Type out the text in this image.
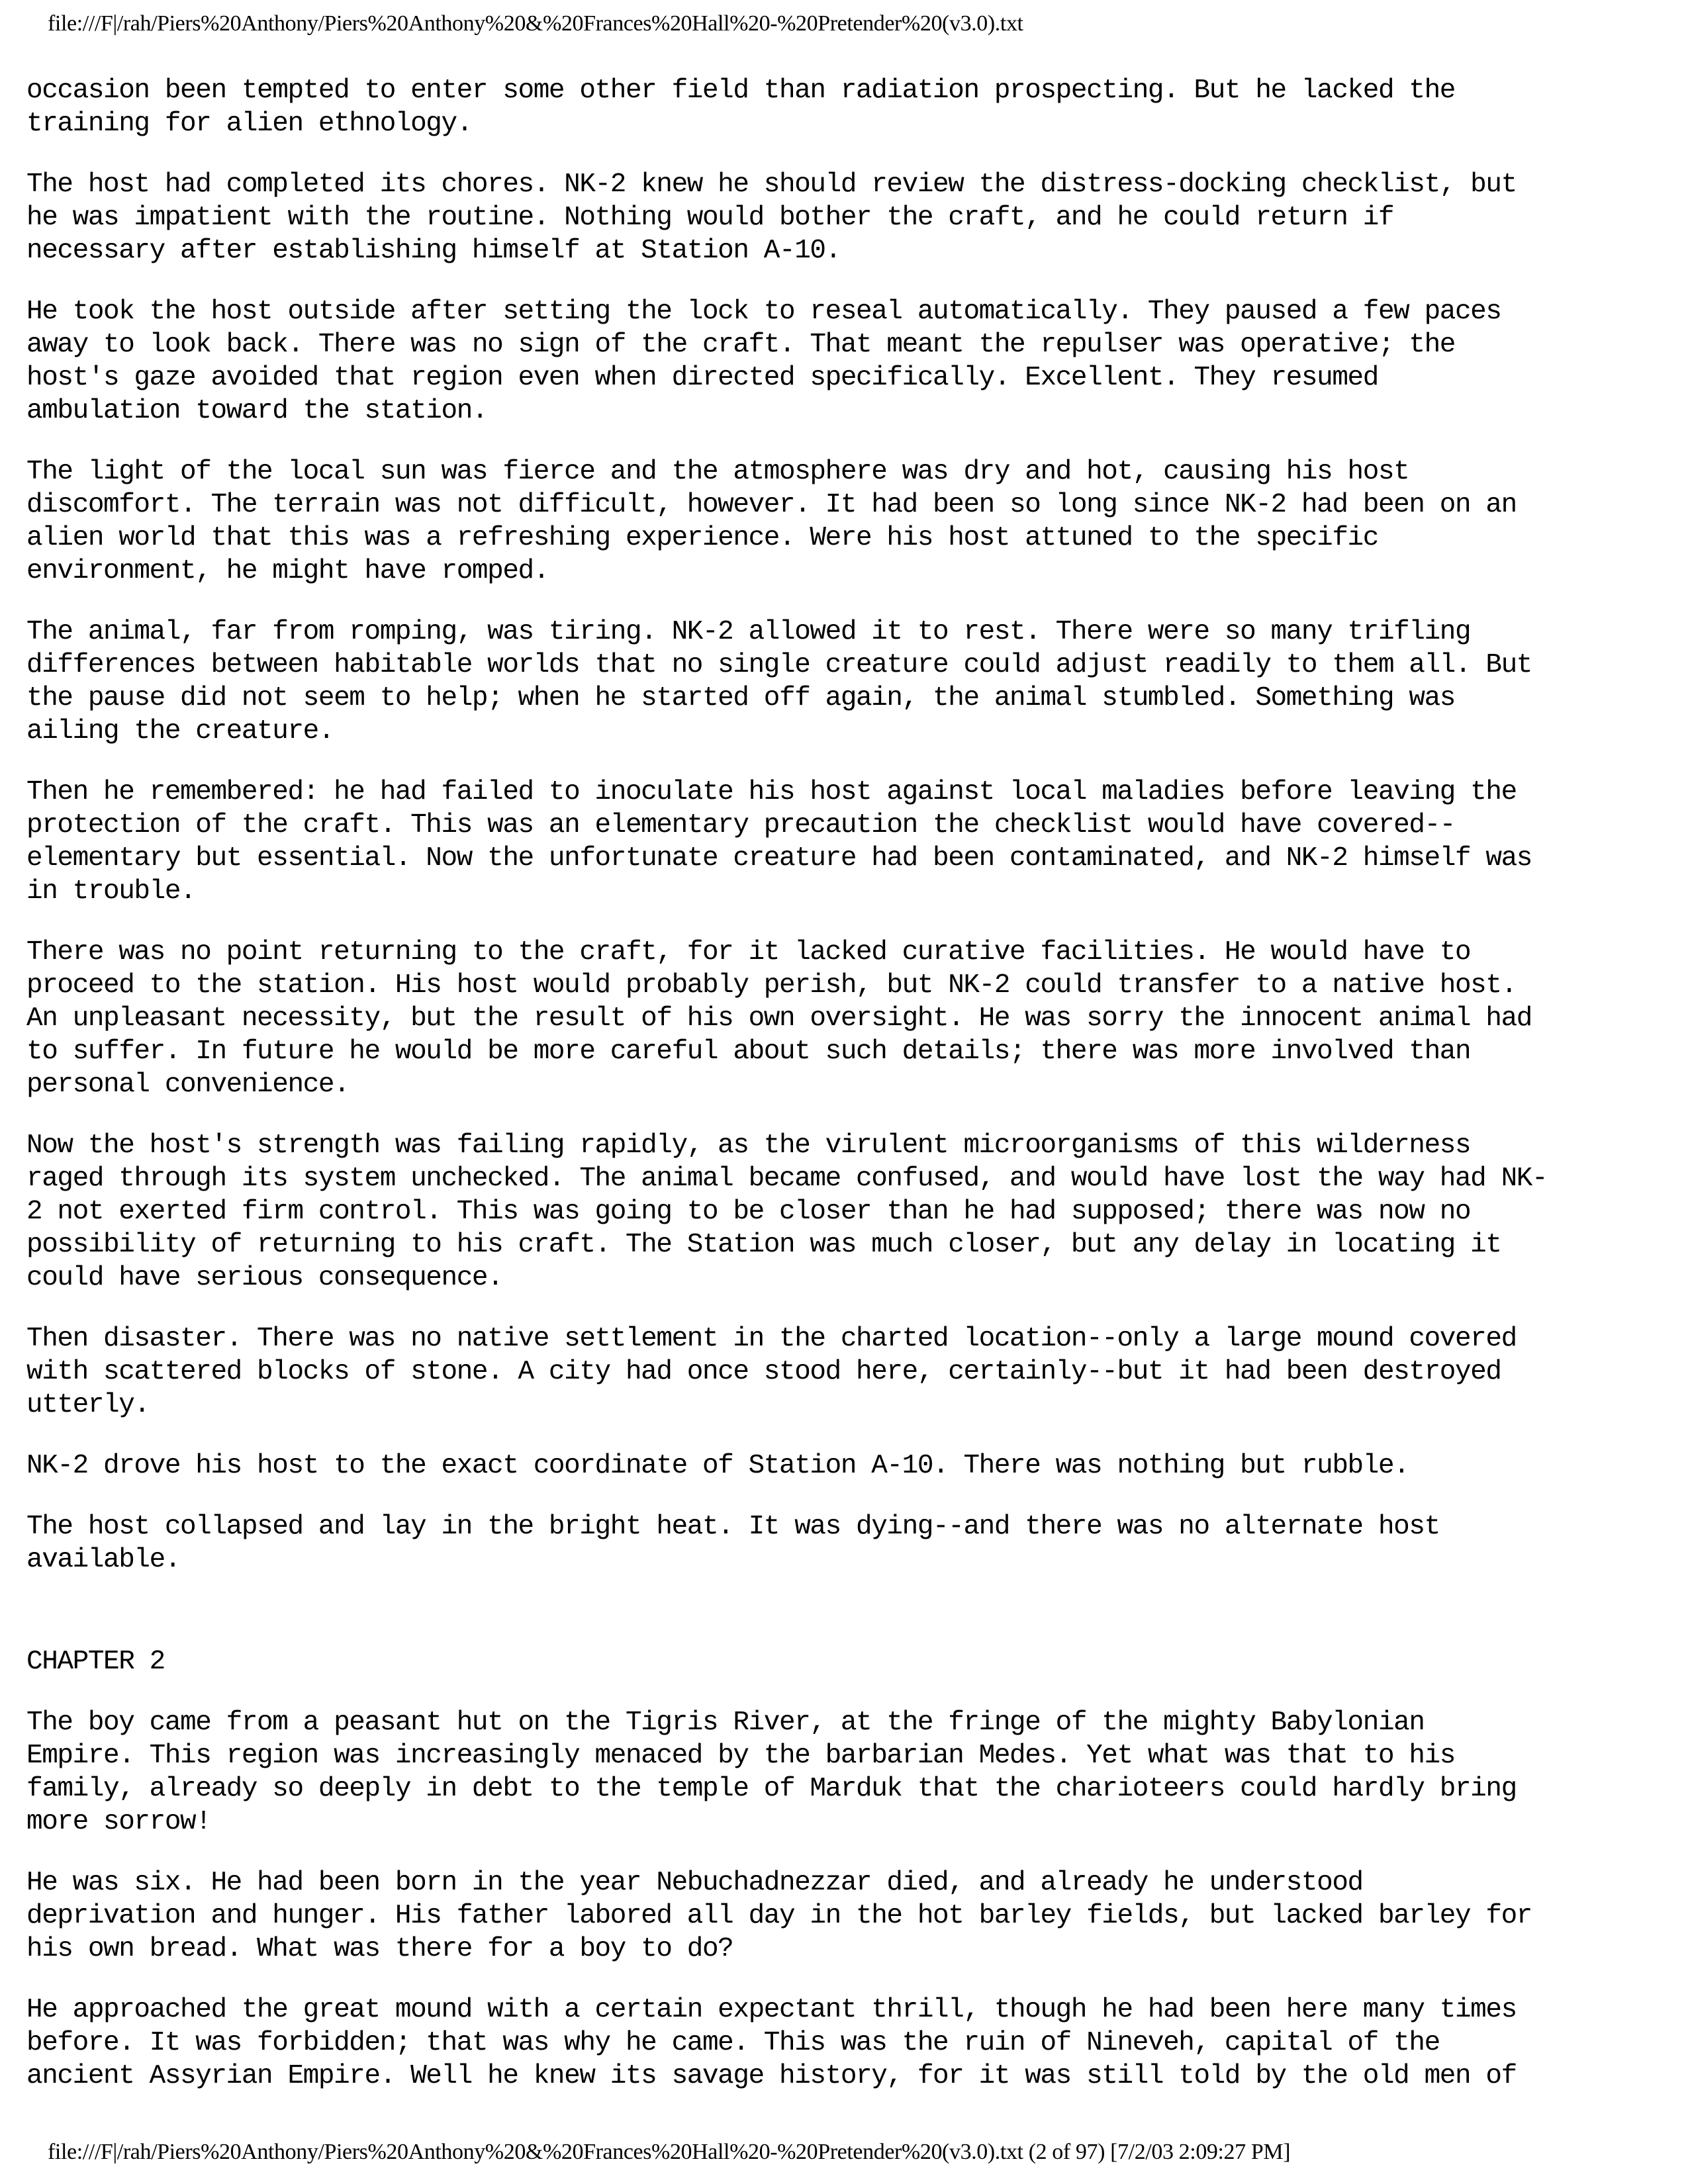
file:///F|/rah/Piers%20Anthony/Piers%20Anthony%20&%20Frances%20Hall%20-%20Pretender%20(v3.0).txt

occasion been tempted to enter some other field than radiation prospecting. But he lacked the
training for alien ethnology.

The host had completed its chores. NK-2 knew he should review the distress-docking checklist, but
he was impatient with the routine. Nothing would bother the craft, and he could return if
necessary after establishing himself at Station A-10.

He took the host outside after setting the lock to reseal automatically. They paused a few paces
away to look back. There was no sign of the craft. That meant the repulser was operative; the
host's gaze avoided that region even when directed specifically. Excellent. They resumed
ambulation toward the station.

The light of the local sun was fierce and the atmosphere was dry and hot, causing his host
discomfort. The terrain was not difficult, however. It had been so long since NK-2 had been on an
alien world that this was a refreshing experience. Were his host attuned to the specific
environment, he might have romped.

The animal, far from romping, was tiring. NK-2 allowed it to rest. There were so many trifling
differences between habitable worlds that no single creature could adjust readily to them all. But
the pause did not seem to help; when he started off again, the animal stumbled. Something was
ailing the creature.

Then he remembered: he had failed to inoculate his host against local maladies before leaving the
protection of the craft. This was an elementary precaution the checklist would have covered--
elementary but essential. Now the unfortunate creature had been contaminated, and NK-2 himself was
in trouble.

There was no point returning to the craft, for it lacked curative facilities. He would have to
proceed to the station. His host would probably perish, but NK-2 could transfer to a native host.
An unpleasant necessity, but the result of his own oversight. He was sorry the innocent animal had
to suffer. In future he would be more careful about such details; there was more involved than
personal convenience.

Now the host's strength was failing rapidly, as the virulent microorganisms of this wilderness
raged through its system unchecked. The animal became confused, and would have lost the way had NK-
2 not exerted firm control. This was going to be closer than he had supposed; there was now no
possibility of returning to his craft. The Station was much closer, but any delay in locating it
could have serious consequence.

Then disaster. There was no native settlement in the charted location--only a large mound covered
with scattered blocks of stone. A city had once stood here, certainly--but it had been destroyed
utterly.

NK-2 drove his host to the exact coordinate of Station A-10. There was nothing but rubble.

The host collapsed and lay in the bright heat. It was dying--and there was no alternate host
available.

CHAPTER 2

The boy came from a peasant hut on the Tigris River, at the fringe of the mighty Babylonian
Empire. This region was increasingly menaced by the barbarian Medes. Yet what was that to his
family, already so deeply in debt to the temple of Marduk that the charioteers could hardly bring
more sorrow!

He was six. He had been born in the year Nebuchadnezzar died, and already he understood
deprivation and hunger. His father labored all day in the hot barley fields, but lacked barley for
his own bread. What was there for a boy to do?

He approached the great mound with a certain expectant thrill, though he had been here many times
before. It was forbidden; that was why he came. This was the ruin of Nineveh, capital of the
ancient Assyrian Empire. Well he knew its savage history, for it was still told by the old men of

file:///F|/rah/Piers%20Anthony/Piers%20Anthony%20&%20Frances%20Hall%20-%20Pretender%20(v3.0).txt (2 of 97) [7/2/03 2:09:27 PM]
